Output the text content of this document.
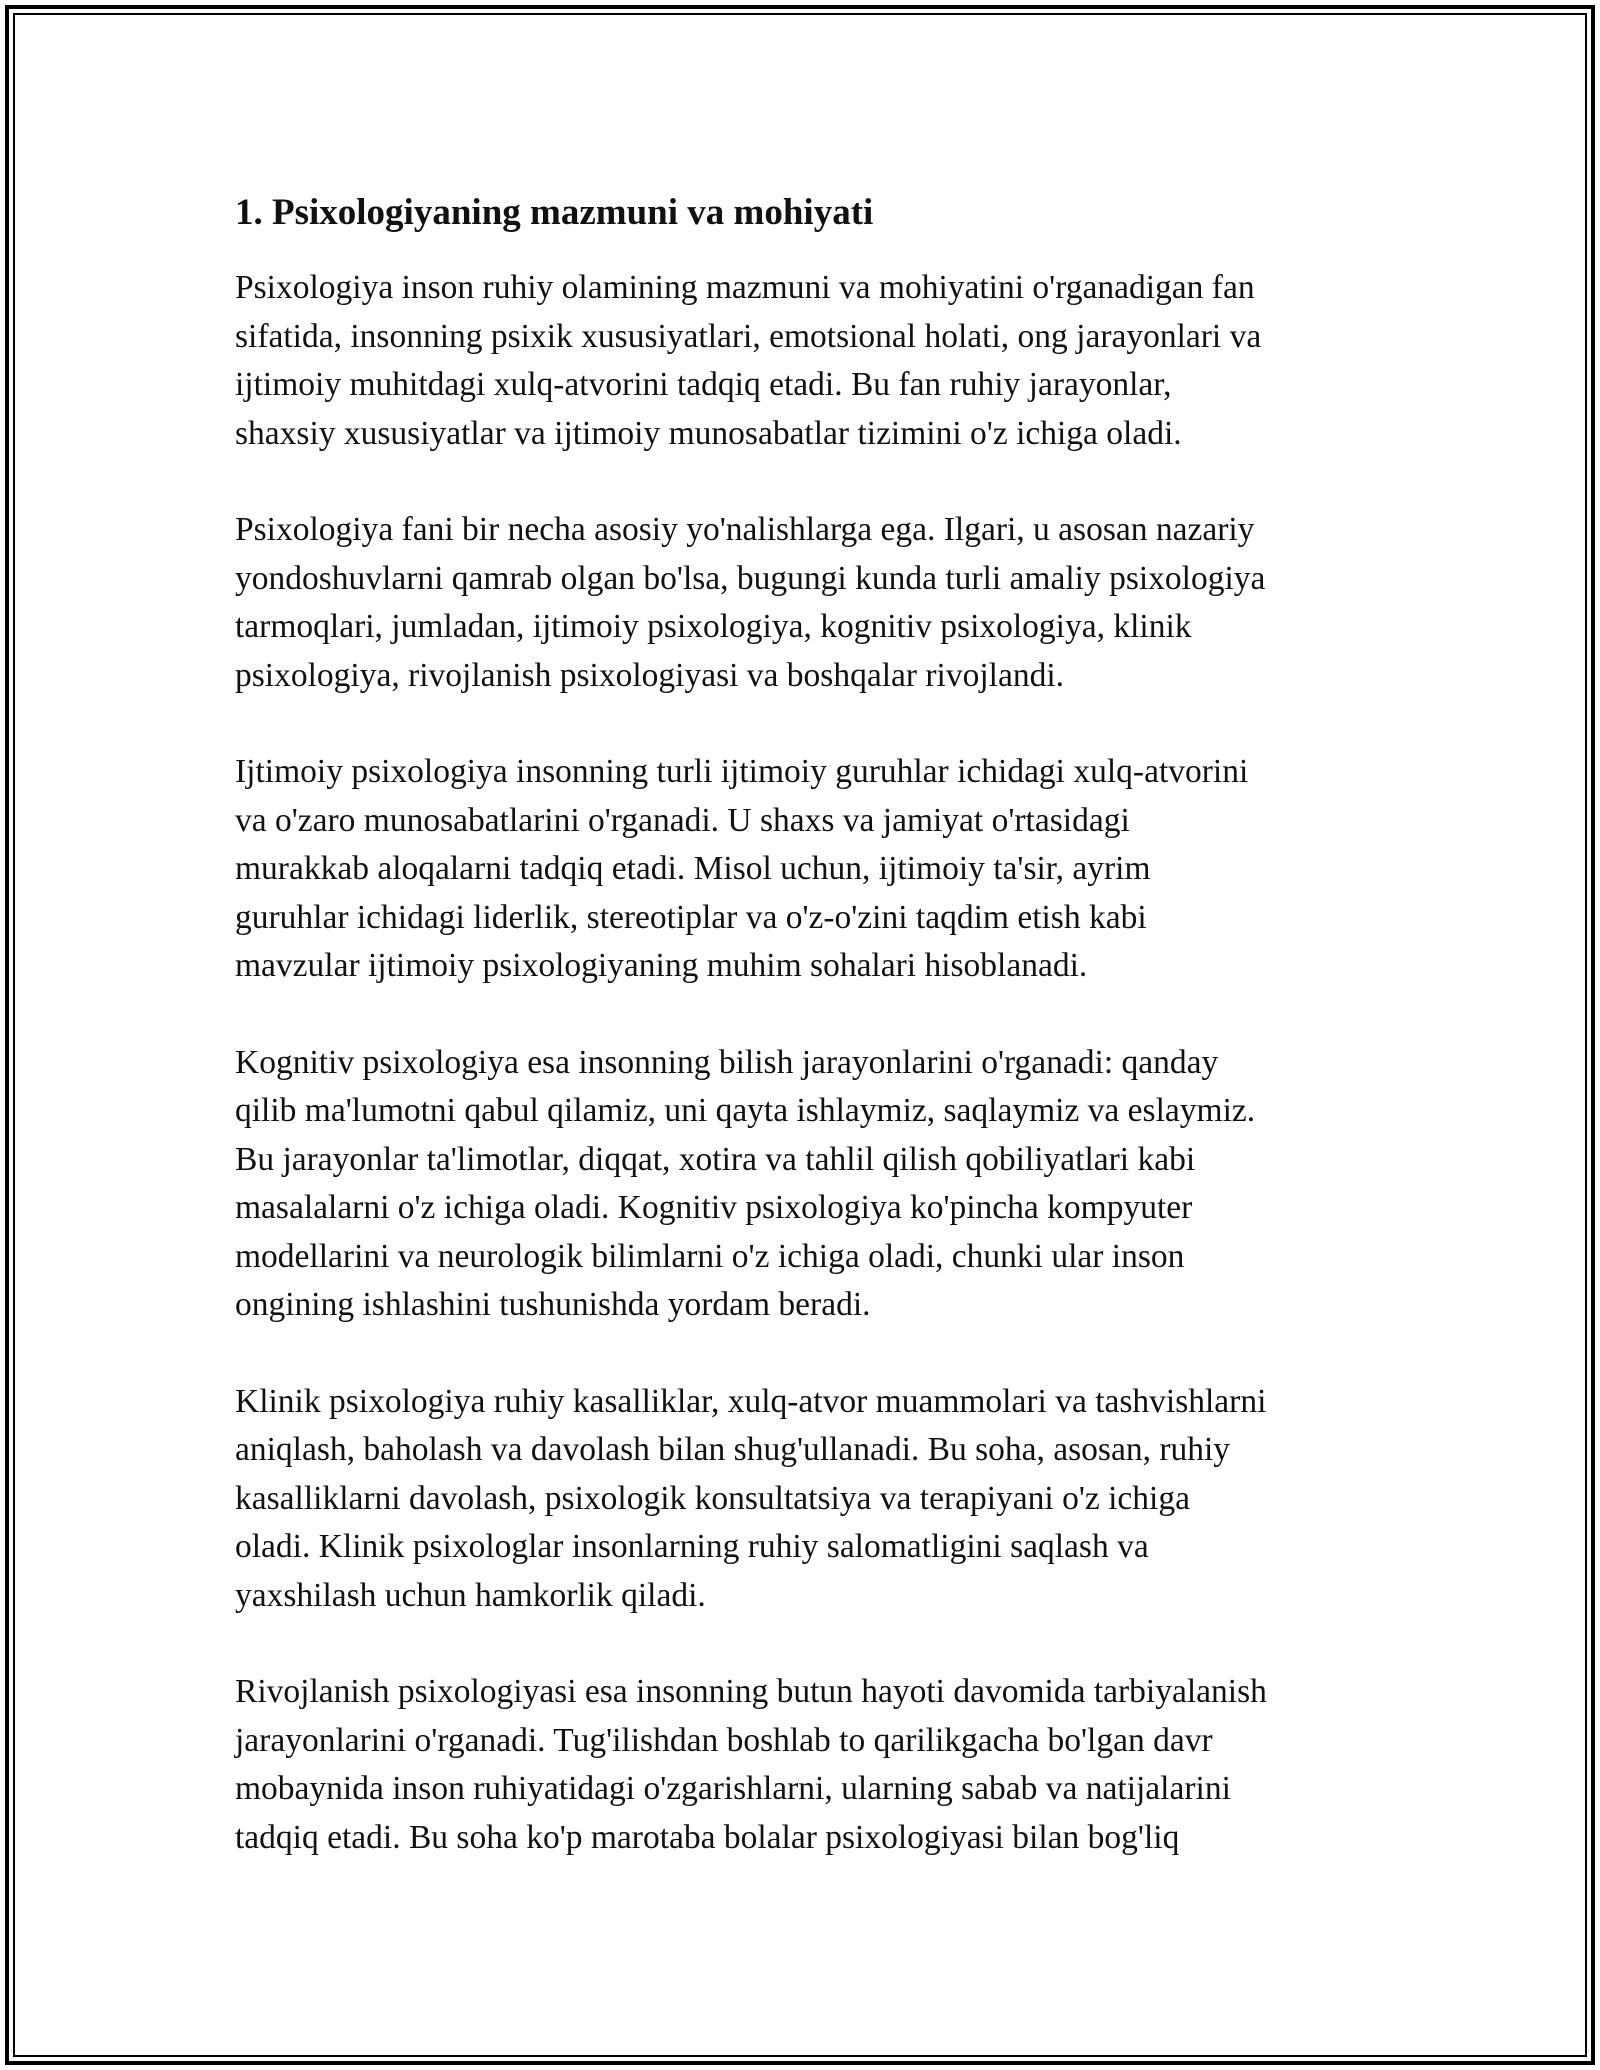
1. Psixologiyaning mazmuni va mohiyati

Psixologiya inson ruhiy olamining mazmuni va mohiyatini o'rganadigan fan
sifatida, insonning psixik xususiyatlari, emotsional holati, ong jarayonlari va
ijtimoiy muhitdagi xulq-atvorini tadqiq etadi. Bu fan ruhiy jarayonlar,
shaxsiy xususiyatlar va ijtimoiy munosabatlar tizimini o'z ichiga oladi.

Psixologiya fani bir necha asosiy yo'nalishlarga ega. Ilgari, u asosan nazariy
yondoshuvlarni qamrab olgan bo'lsa, bugungi kunda turli amaliy psixologiya
tarmoqlari, jumladan, ijtimoiy psixologiya, kognitiv psixologiya, klinik
psixologiya, rivojlanish psixologiyasi va boshqalar rivojlandi.

Ijtimoiy psixologiya insonning turli ijtimoiy guruhlar ichidagi xulq-atvorini
va o'zaro munosabatlarini o'rganadi. U shaxs va jamiyat o'rtasidagi
murakkab aloqalarni tadqiq etadi. Misol uchun, ijtimoiy ta'sir, ayrim
guruhlar ichidagi liderlik, stereotiplar va o'z-o'zini taqdim etish kabi
mavzular ijtimoiy psixologiyaning muhim sohalari hisoblanadi.

Kognitiv psixologiya esa insonning bilish jarayonlarini o'rganadi: qanday
qilib ma'lumotni qabul qilamiz, uni qayta ishlaymiz, saqlaymiz va eslaymiz.
Bu jarayonlar ta'limotlar, diqqat, xotira va tahlil qilish qobiliyatlari kabi
masalalarni o'z ichiga oladi. Kognitiv psixologiya ko'pincha kompyuter
modellarini va neurologik bilimlarni o'z ichiga oladi, chunki ular inson
ongining ishlashini tushunishda yordam beradi.

Klinik psixologiya ruhiy kasalliklar, xulq-atvor muammolari va tashvishlarni
aniqlash, baholash va davolash bilan shug'ullanadi. Bu soha, asosan, ruhiy
kasalliklarni davolash, psixologik konsultatsiya va terapiyani o'z ichiga
oladi. Klinik psixologlar insonlarning ruhiy salomatligini saqlash va
yaxshilash uchun hamkorlik qiladi.

Rivojlanish psixologiyasi esa insonning butun hayoti davomida tarbiyalanish
jarayonlarini o'rganadi. Tug'ilishdan boshlab to qarilikgacha bo'lgan davr
mobaynida inson ruhiyatidagi o'zgarishlarni, ularning sabab va natijalarini
tadqiq etadi. Bu soha ko'p marotaba bolalar psixologiyasi bilan bog'liq
